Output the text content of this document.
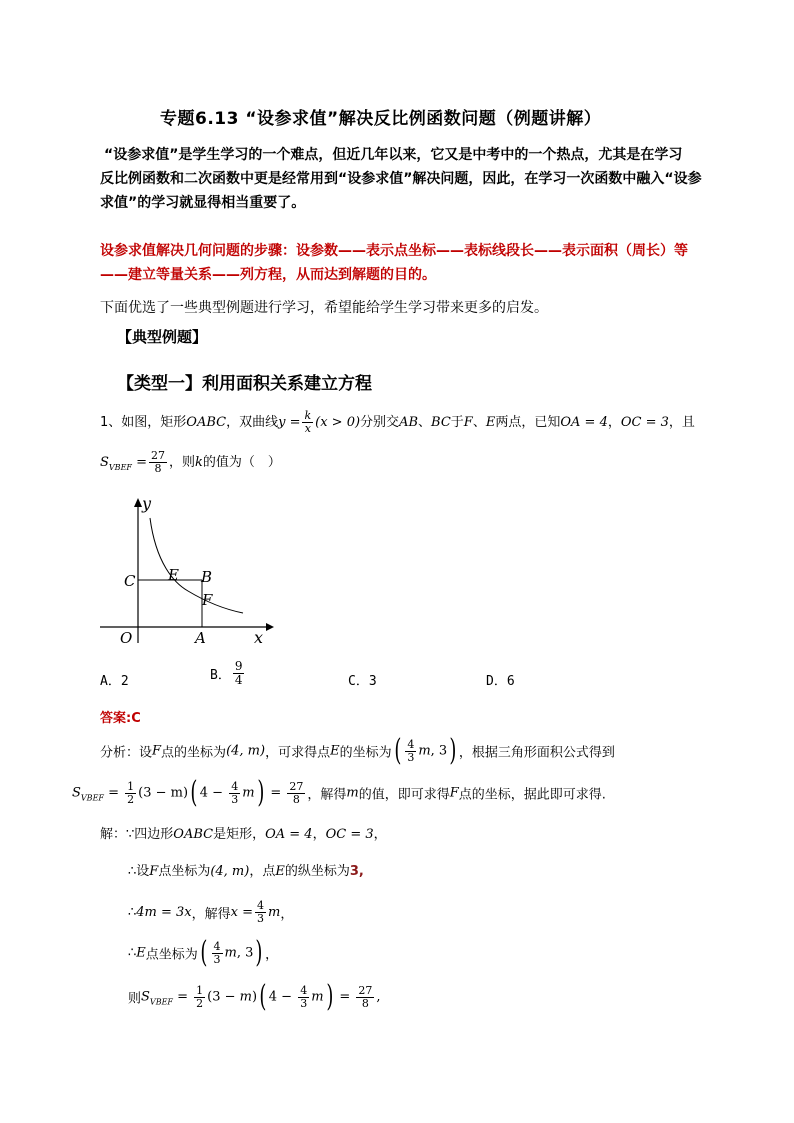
专题6.13 “设参求值”解决反比例函数问题（例题讲解）
“设参求值”是学生学习的一个难点，但近几年以来，它又是中考中的一个热点，尤其是在学习
反比例函数和二次函数中更是经常用到“设参求值”解决问题，因此，在学习一次函数中融入“设参
求值”的学习就显得相当重要了。
设参求值解决几何问题的步骤：设参数——表示点坐标——表标线段长——表示面积（周长）等
——建立等量关系——列方程，从而达到解题的目的。
下面优选了一些典型例题进行学习，希望能给学生学习带来更多的启发。
【典型例题】
【类型一】利用面积关系建立方程
1、如图，矩形OABC，双曲线$y = \frac{k}{x} (x > 0)$分别交AB、BC于F、E两点，已知OA = 4，OC = 3，且
$S_{VBEF} = \frac{27}{8}$ ，则k的值为（　）
y
x
O	A
B
C E
F
A．2	B． $\frac{9}{4}$	C．3	D．6
答案:C
分析：设F点的坐标为(4, m)，可求得点E的坐标为( $\frac{4}{3} m$, 3) ，根据三角形面积公式得到
$S_{VBEF} = \frac{1}{2} (3 - m)$( $4 - \frac{4}{3} m) = \frac{27}{8}$ ，解得m的值，即可求得F点的坐标，据此即可求得.
解：∵四边形OABC是矩形，OA = 4，OC = 3，
∴设F点坐标为(4, m)，点E的纵坐标为3,
∴4m = 3x，解得$x = \frac{4}{3}$ m，
∴E点坐标为( $\frac{4}{3} m$, 3) ，
则$S_{VBEF} = \frac{1}{2} (3 - m)$( $4 - \frac{4}{3} m) = \frac{27}{8}$ ,
